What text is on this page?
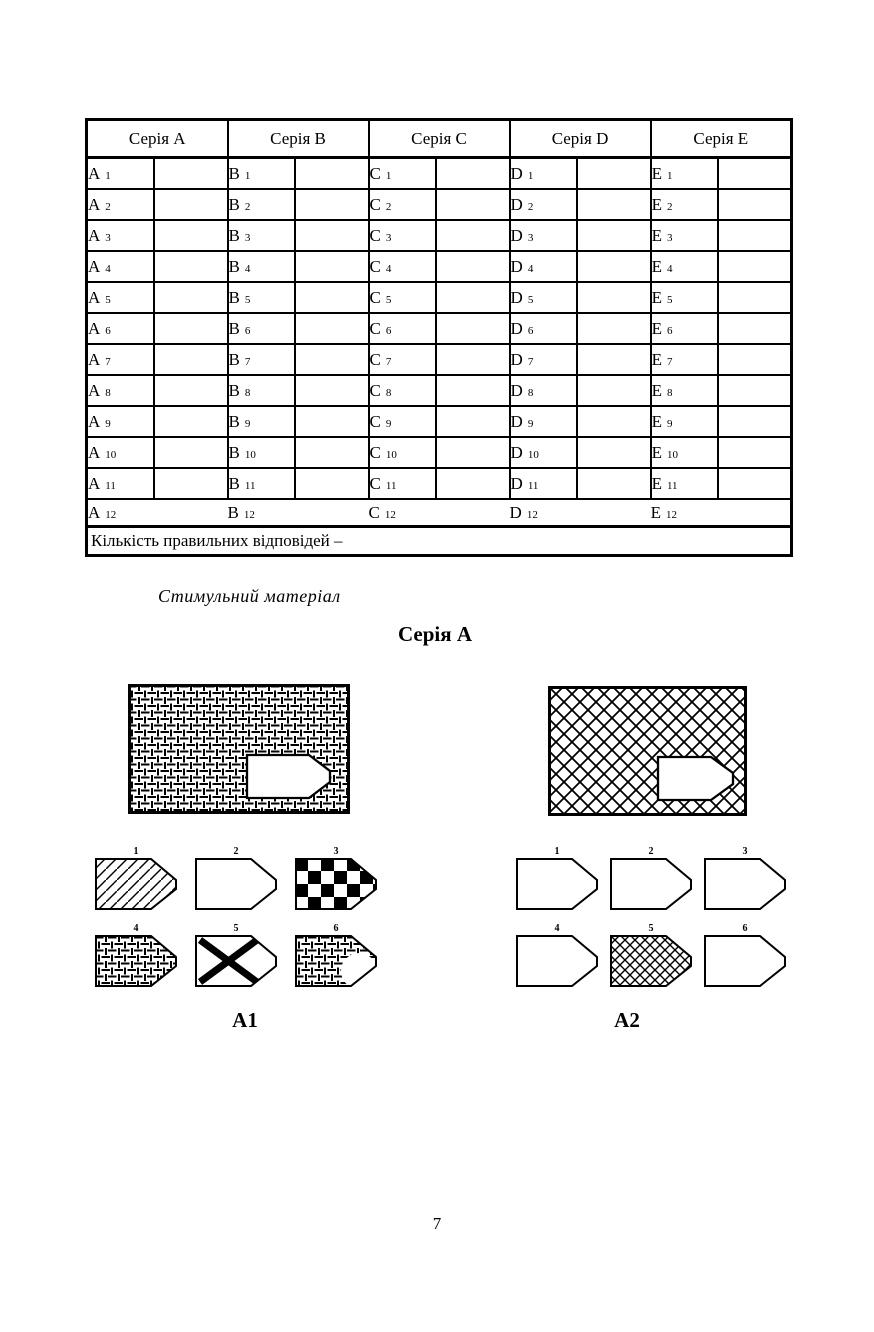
Серія A		Серія B		Серія C		Серія D		Серія E	
A 1		B 1		C 1		D 1		E 1	
A 2		B 2		C 2		D 2		E 2	
A 3		B 3		C 3		D 3		E 3	
A 4		B 4		C 4		D 4		E 4	
A 5		B 5		C 5		D 5		E 5	
A 6		B 6		C 6		D 6		E 6	
A 7		B 7		C 7		D 7		E 7	
A 8		B 8		C 8		D 8		E 8	
A 9		B 9		C 9		D 9		E 9	
A 10		B 10		C 10		D 10		E 10	
A 11		B 11		C 11		D 11		E 11	
A 12		B 12		C 12		D 12		E 12	
Кількість правильних відповідей –									
Стимульний матеріал
Серія А
1	2	3
4	5	6
1	2	3
4	5	6
А1	А2
7
